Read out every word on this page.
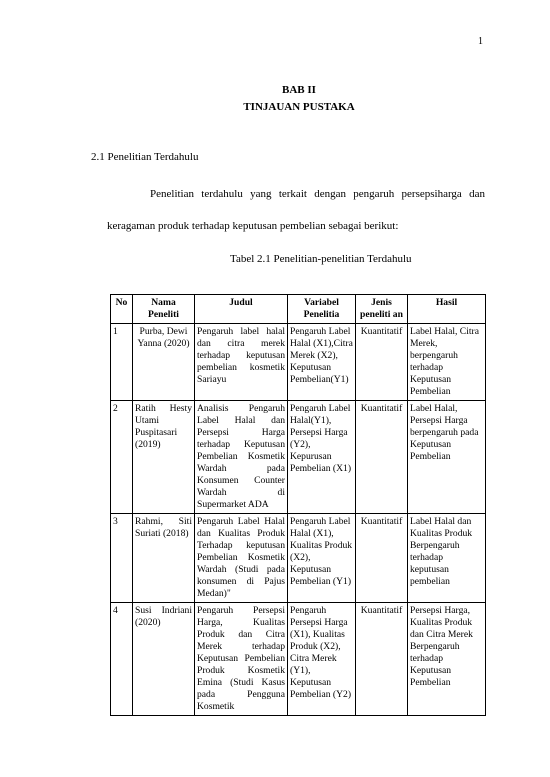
1
BAB II
TINJAUAN PUSTAKA
2.1 Penelitian Terdahulu
Penelitian terdahulu yang terkait dengan pengaruh persepsiharga dan
keragaman produk terhadap keputusan pembelian sebagai berikut:
Tabel 2.1 Penelitian-penelitian Terdahulu
No	Nama Peneliti	Judul	Variabel Penelitia	Jenis peneliti an	Hasil
1	Purba, Dewi Yanna (2020)	Pengaruh label halal dan citra merek terhadap keputusan pembelian kosmetik Sariayu	Pengaruh Label Halal (X1),Citra Merek (X2), Keputusan Pembelian(Y1)	Kuantitatif	Label Halal, Citra Merek, berpengaruh terhadap Keputusan Pembelian
2	Ratih Hesty Utami Puspitasari (2019)	Analisis Pengaruh Label Halal dan Persepsi Harga terhadap Keputusan Pembelian Kosmetik Wardah pada Konsumen Counter Wardah di Supermarket ADA	Pengaruh Label Halal(Y1), Persepsi Harga (Y2), Kepurusan Pembelian (X1)	Kuantitatif	Label Halal, Persepsi Harga berpengaruh pada Keputusan Pembelian
3	Rahmi, Siti Suriati (2018)	Pengaruh Label Halal dan Kualitas Produk Terhadap keputusan Pembelian Kosmetik Wardah (Studi pada konsumen di Pajus Medan)"	Pengaruh Label Halal (X1), Kualitas Produk (X2), Keputusan Pembelian (Y1)	Kuantitatif	Label Halal dan Kualitas Produk Berpengaruh terhadap keputusan pembelian
4	Susi Indriani (2020)	Pengaruh Persepsi Harga, Kualitas Produk dan Citra Merek terhadap Keputusan Pembelian Produk Kosmetik Emina (Studi Kasus pada Pengguna Kosmetik	Pengaruh Persepsi Harga (X1), Kualitas Produk (X2), Citra Merek (Y1), Keputusan Pembelian (Y2)	Kuantitatif	Persepsi Harga, Kualitas Produk dan Citra Merek Berpengaruh terhadap Keputusan Pembelian
